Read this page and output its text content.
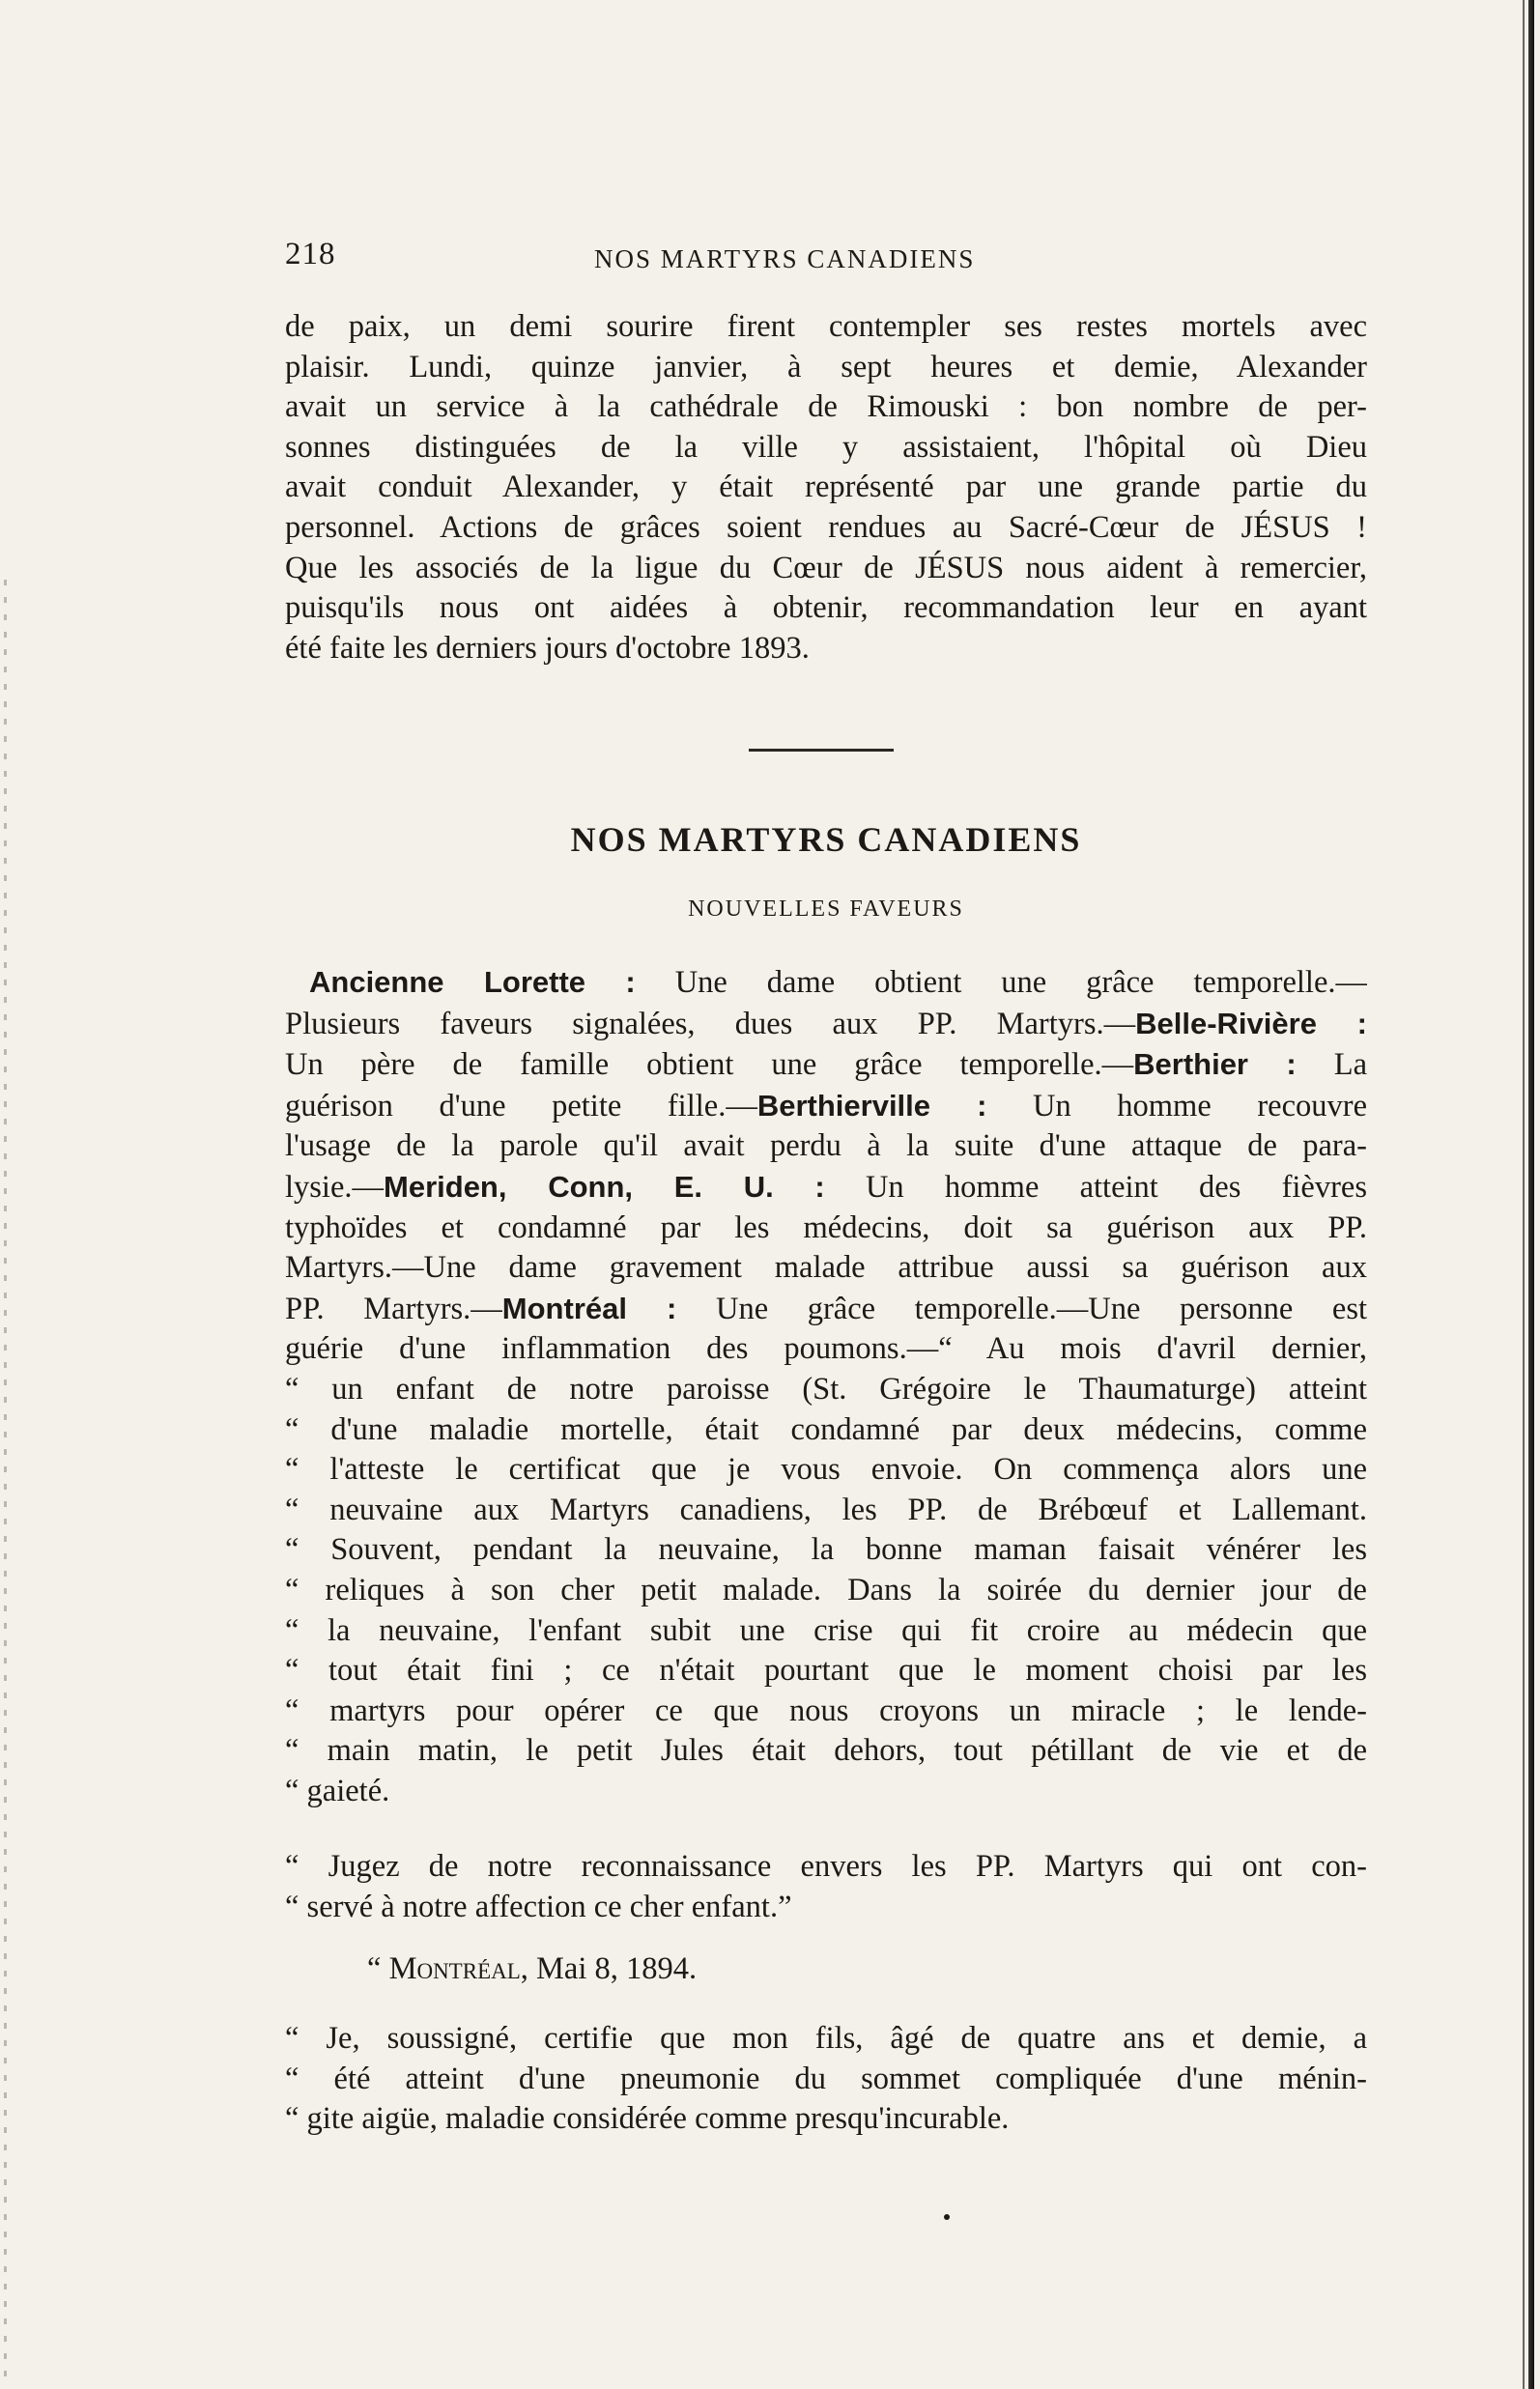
218	NOS MARTYRS CANADIENS
de paix, un demi sourire firent contempler ses restes mortels avec
plaisir. Lundi, quinze janvier, à sept heures et demie, Alexander
avait un service à la cathédrale de Rimouski : bon nombre de per-
sonnes distinguées de la ville y assistaient, l'hôpital où Dieu
avait conduit Alexander, y était représenté par une grande partie du
personnel. Actions de grâces soient rendues au Sacré-Cœur de JÉSUS !
Que les associés de la ligue du Cœur de JÉSUS nous aident à remercier,
puisqu'ils nous ont aidées à obtenir, recommandation leur en ayant
été faite les derniers jours d'octobre 1893.
NOS MARTYRS CANADIENS
NOUVELLES FAVEURS
Ancienne Lorette : Une dame obtient une grâce temporelle.—
Plusieurs faveurs signalées, dues aux PP. Martyrs.—Belle-Rivière :
Un père de famille obtient une grâce temporelle.—Berthier : La
guérison d'une petite fille.—Berthierville : Un homme recouvre
l'usage de la parole qu'il avait perdu à la suite d'une attaque de para-
lysie.—Meriden, Conn, E. U. : Un homme atteint des fièvres
typhoïdes et condamné par les médecins, doit sa guérison aux PP.
Martyrs.—Une dame gravement malade attribue aussi sa guérison aux
PP. Martyrs.—Montréal : Une grâce temporelle.—Une personne est
guérie d'une inflammation des poumons.—“ Au mois d'avril dernier,
“ un enfant de notre paroisse (St. Grégoire le Thaumaturge) atteint
“ d'une maladie mortelle, était condamné par deux médecins, comme
“ l'atteste le certificat que je vous envoie. On commença alors une
“ neuvaine aux Martyrs canadiens, les PP. de Brébœuf et Lallemant.
“ Souvent, pendant la neuvaine, la bonne maman faisait vénérer les
“ reliques à son cher petit malade. Dans la soirée du dernier jour de
“ la neuvaine, l'enfant subit une crise qui fit croire au médecin que
“ tout était fini ; ce n'était pourtant que le moment choisi par les
“ martyrs pour opérer ce que nous croyons un miracle ; le lende-
“ main matin, le petit Jules était dehors, tout pétillant de vie et de
“ gaieté.
“ Jugez de notre reconnaissance envers les PP. Martyrs qui ont con-
“ servé à notre affection ce cher enfant.”
“ Montréal, Mai 8, 1894.
“ Je, soussigné, certifie que mon fils, âgé de quatre ans et demie, a
“ été atteint d'une pneumonie du sommet compliquée d'une ménin-
“ gite aigüe, maladie considérée comme presqu'incurable.
